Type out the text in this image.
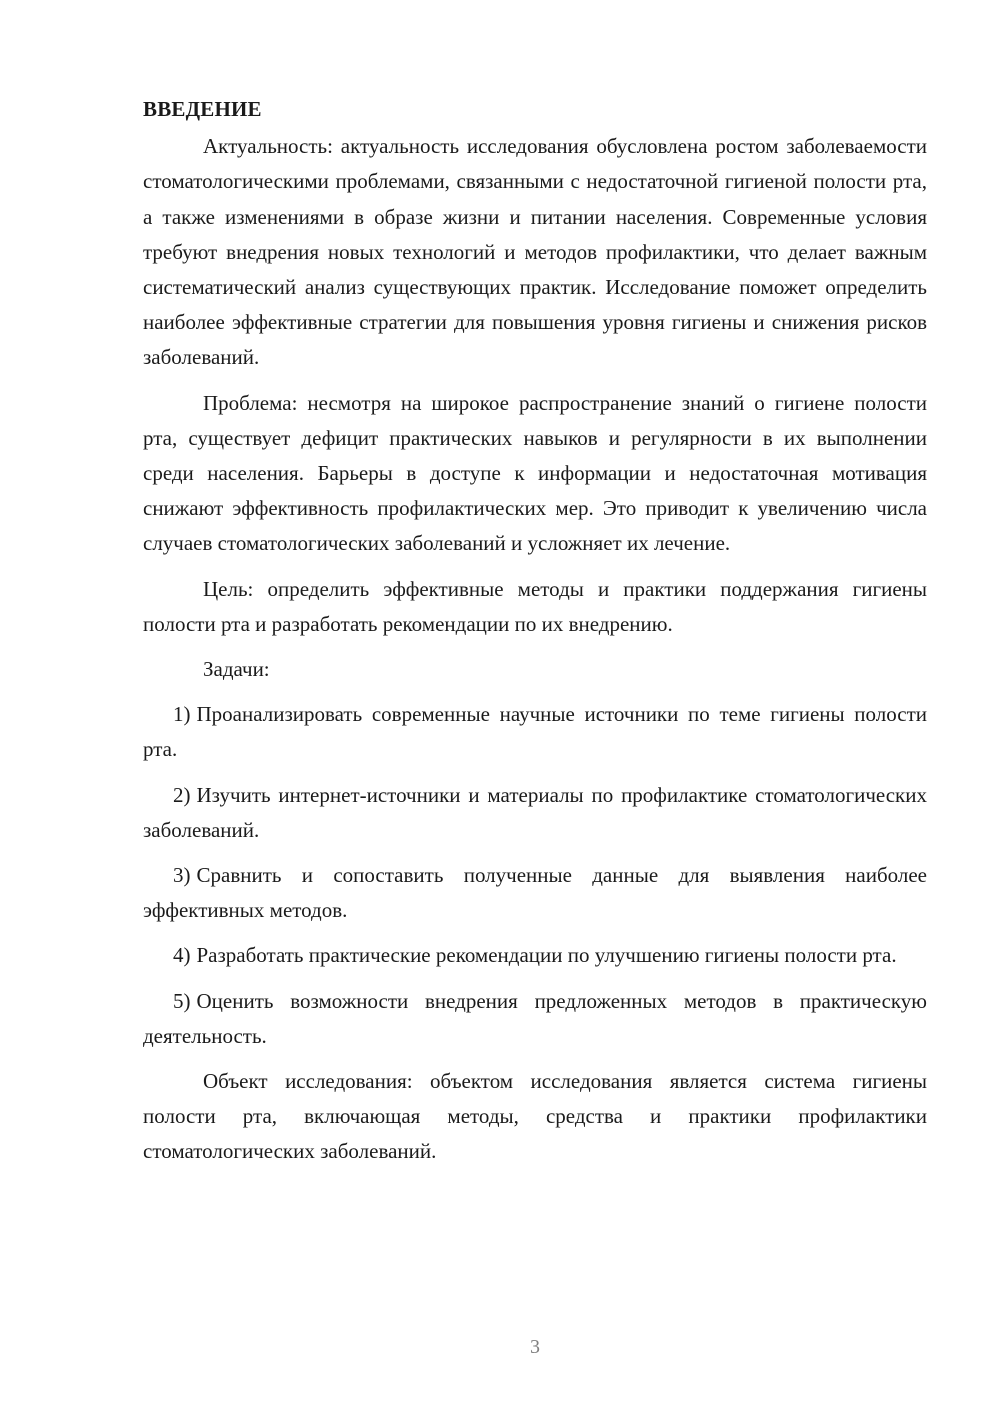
ВВЕДЕНИЕ

Актуальность: актуальность исследования обусловлена ростом заболеваемости стоматологическими проблемами, связанными с недостаточной гигиеной полости рта, а также изменениями в образе жизни и питании населения. Современные условия требуют внедрения новых технологий и методов профилактики, что делает важным систематический анализ существующих практик. Исследование поможет определить наиболее эффективные стратегии для повышения уровня гигиены и снижения рисков заболеваний.

Проблема: несмотря на широкое распространение знаний о гигиене полости рта, существует дефицит практических навыков и регулярности в их выполнении среди населения. Барьеры в доступе к информации и недостаточная мотивация снижают эффективность профилактических мер. Это приводит к увеличению числа случаев стоматологических заболеваний и усложняет их лечение.

Цель: определить эффективные методы и практики поддержания гигиены полости рта и разработать рекомендации по их внедрению.

Задачи:

1) Проанализировать современные научные источники по теме гигиены полости рта.

2) Изучить интернет-источники и материалы по профилактике стоматологических заболеваний.

3) Сравнить и сопоставить полученные данные для выявления наиболее эффективных методов.

4) Разработать практические рекомендации по улучшению гигиены полости рта.

5) Оценить возможности внедрения предложенных методов в практическую деятельность.

Объект исследования: объектом исследования является система гигиены полости рта, включающая методы, средства и практики профилактики стоматологических заболеваний.

3
